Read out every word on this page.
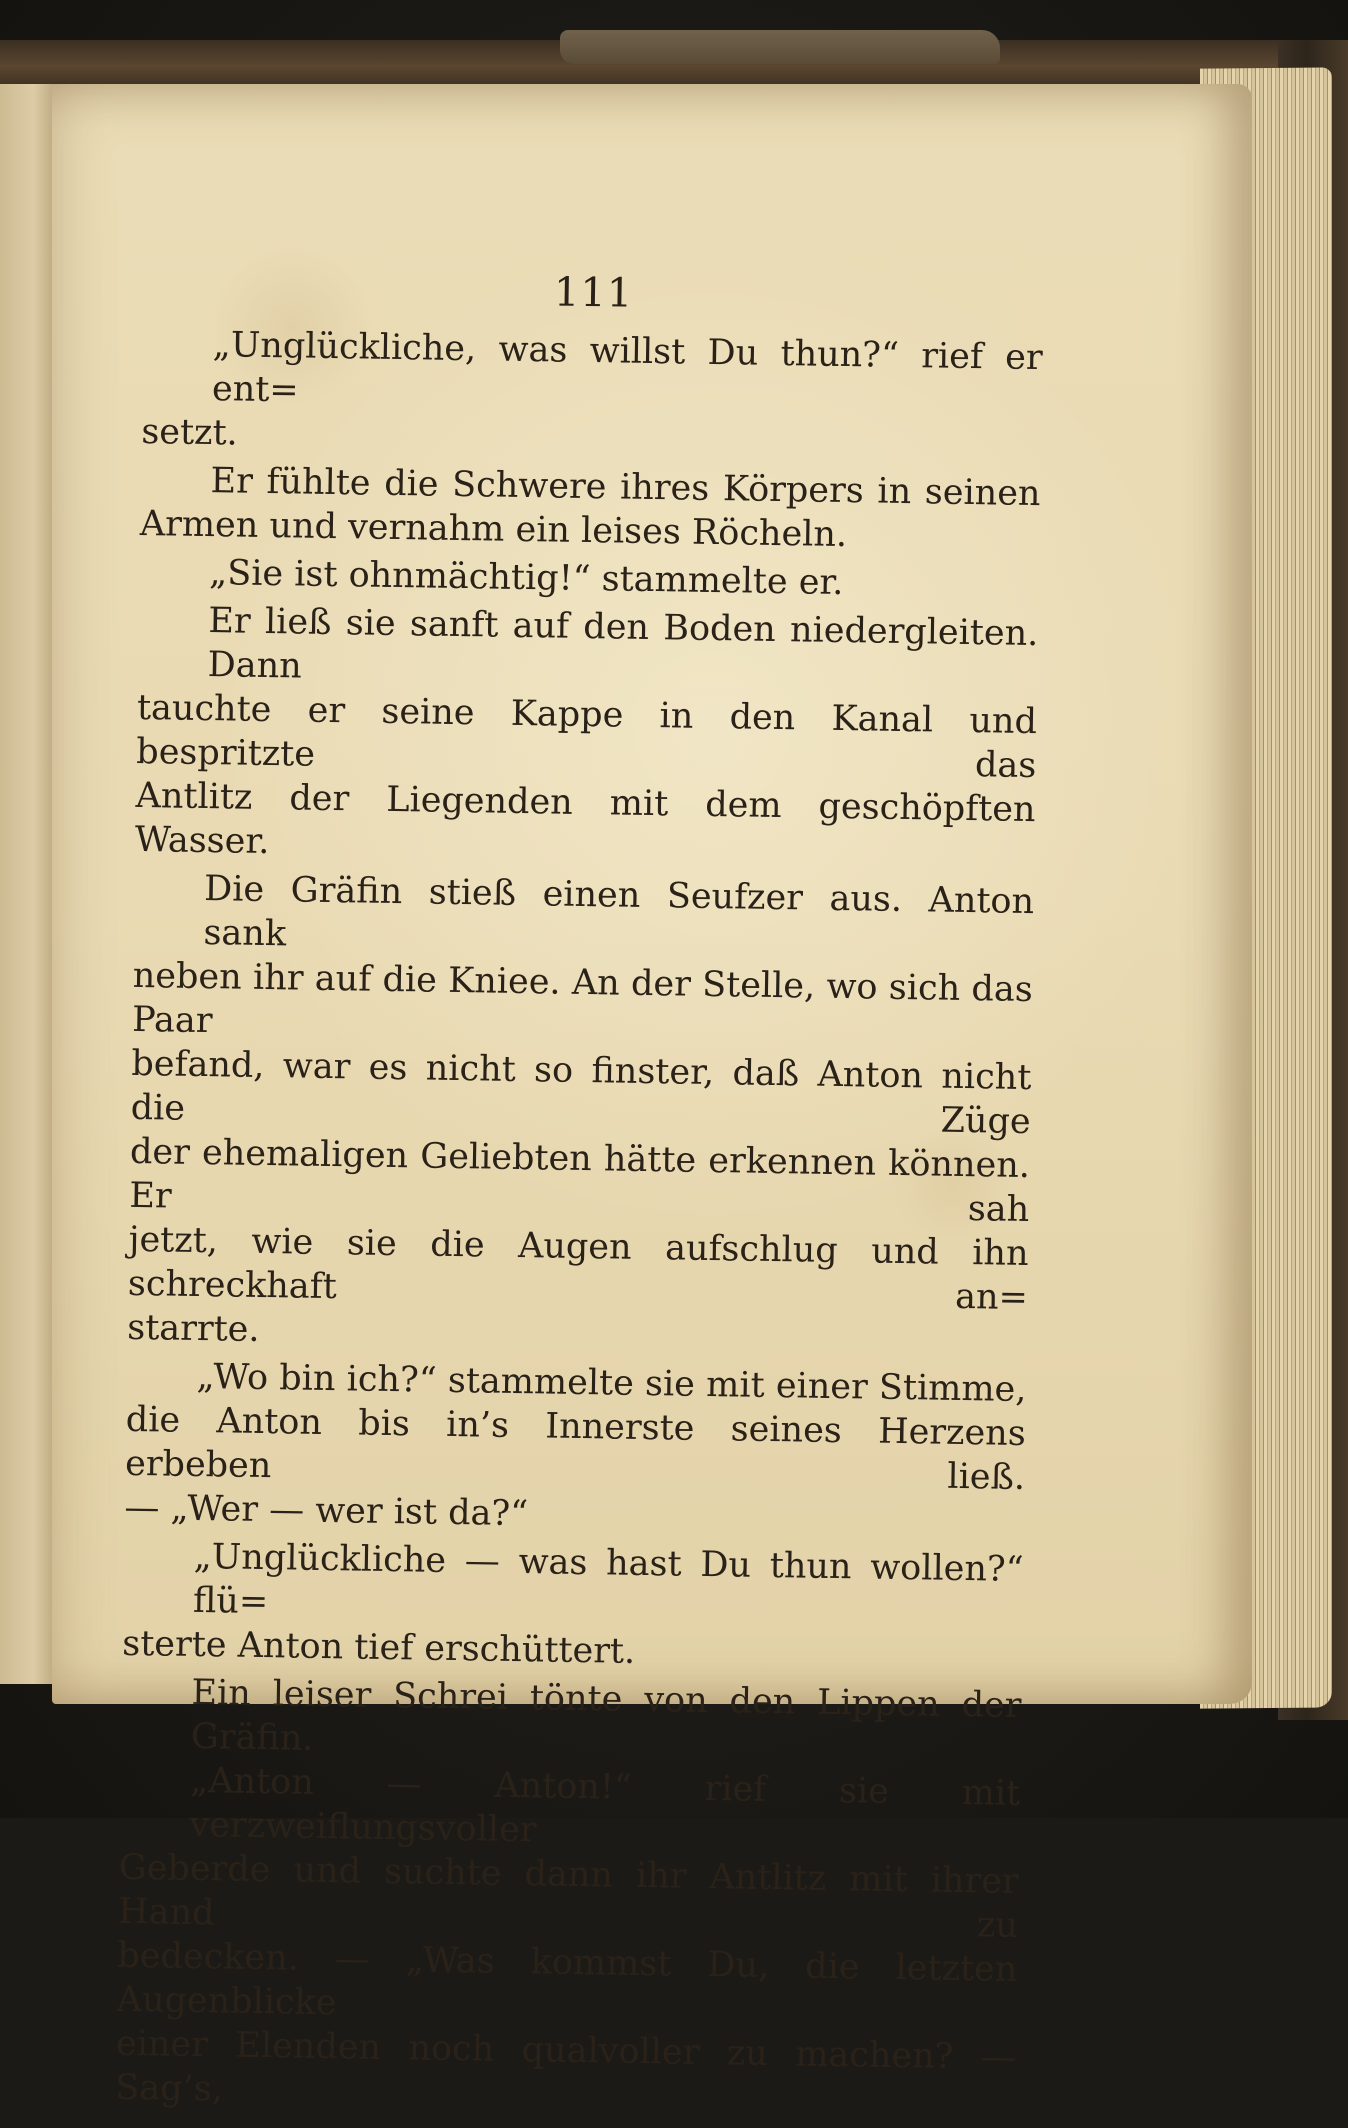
111

„Unglückliche, was willst Du thun?“ rief er ent=
setzt.

Er fühlte die Schwere ihres Körpers in seinen
Armen und vernahm ein leises Röcheln.

„Sie ist ohnmächtig!“ stammelte er.

Er ließ sie sanft auf den Boden niedergleiten. Dann
tauchte er seine Kappe in den Kanal und bespritzte das
Antlitz der Liegenden mit dem geschöpften Wasser.

Die Gräfin stieß einen Seufzer aus. Anton sank
neben ihr auf die Kniee. An der Stelle, wo sich das Paar
befand, war es nicht so finster, daß Anton nicht die Züge
der ehemaligen Geliebten hätte erkennen können. Er sah
jetzt, wie sie die Augen aufschlug und ihn schreckhaft an=
starrte.

„Wo bin ich?“ stammelte sie mit einer Stimme,
die Anton bis in’s Innerste seines Herzens erbeben ließ.
— „Wer — wer ist da?“

„Unglückliche — was hast Du thun wollen?“ flü=
sterte Anton tief erschüttert.

Ein leiser Schrei tönte von den Lippen der Gräfin.
„Anton — Anton!“ rief sie mit verzweiflungsvoller
Geberde und suchte dann ihr Antlitz mit ihrer Hand zu
bedecken. — „Was kommst Du, die letzten Augenblicke
einer Elenden noch qualvoller zu machen? — Sag’s,
